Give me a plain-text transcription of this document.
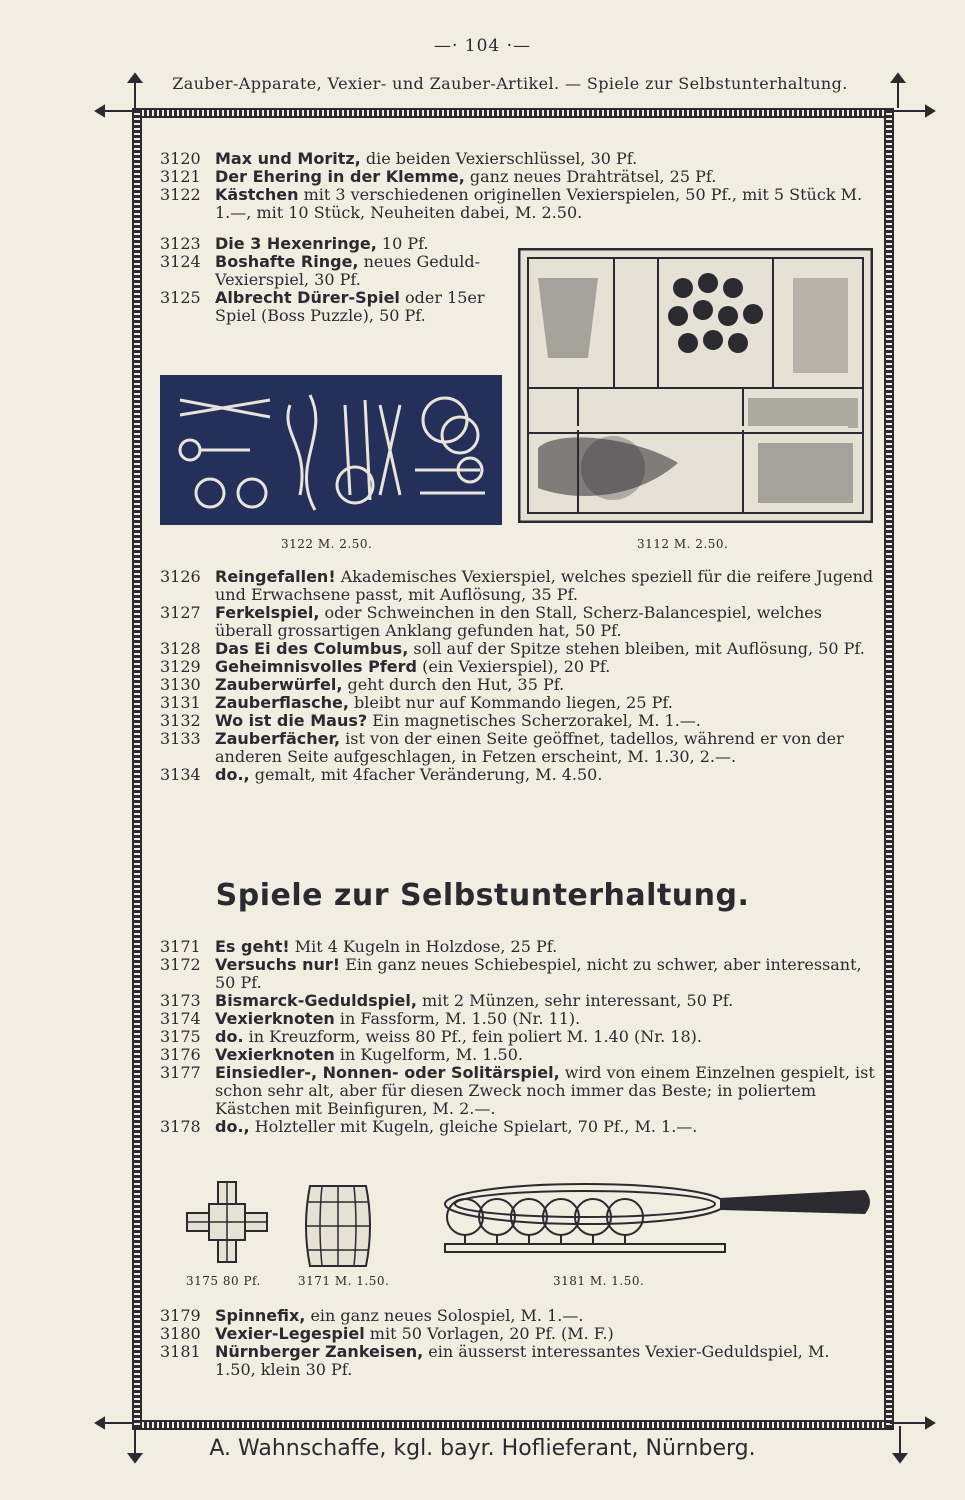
—· 104 ·—
Zauber-Apparate, Vexier- und Zauber-Artikel. — Spiele zur Selbstunterhaltung.
3120 Max und Moritz, die beiden Vexierschlüssel, 30 Pf.
3121 Der Ehering in der Klemme, ganz neues Drahträtsel, 25 Pf.
3122 Kästchen mit 3 verschiedenen originellen Vexierspielen, 50 Pf., mit 5 Stück M. 1.—, mit 10 Stück, Neuheiten dabei, M. 2.50.
3123 Die 3 Hexenringe, 10 Pf.
3124 Boshafte Ringe, neues Geduld-Vexierspiel, 30 Pf.
3125 Albrecht Dürer-Spiel oder 15er Spiel (Boss Puzzle), 50 Pf.
3122 M. 2.50.	3112 M. 2.50.
3126 Reingefallen! Akademisches Vexierspiel, welches speziell für die reifere Jugend und Erwachsene passt, mit Auflösung, 35 Pf.
3127 Ferkelspiel, oder Schweinchen in den Stall, Scherz-Balancespiel, welches überall grossartigen Anklang gefunden hat, 50 Pf.
3128 Das Ei des Columbus, soll auf der Spitze stehen bleiben, mit Auflösung, 50 Pf.
3129 Geheimnisvolles Pferd (ein Vexierspiel), 20 Pf.
3130 Zauberwürfel, geht durch den Hut, 35 Pf.
3131 Zauberflasche, bleibt nur auf Kommando liegen, 25 Pf.
3132 Wo ist die Maus? Ein magnetisches Scherzorakel, M. 1.—.
3133 Zauberfächer, ist von der einen Seite geöffnet, tadellos, während er von der anderen Seite aufgeschlagen, in Fetzen erscheint, M. 1.30, 2.—.
3134 do., gemalt, mit 4facher Veränderung, M. 4.50.
Spiele zur Selbstunterhaltung.
3171 Es geht! Mit 4 Kugeln in Holzdose, 25 Pf.
3172 Versuchs nur! Ein ganz neues Schiebespiel, nicht zu schwer, aber interessant, 50 Pf.
3173 Bismarck-Geduldspiel, mit 2 Münzen, sehr interessant, 50 Pf.
3174 Vexierknoten in Fassform, M. 1.50 (Nr. 11).
3175 do. in Kreuzform, weiss 80 Pf., fein poliert M. 1.40 (Nr. 18).
3176 Vexierknoten in Kugelform, M. 1.50.
3177 Einsiedler-, Nonnen- oder Solitärspiel, wird von einem Einzelnen gespielt, ist schon sehr alt, aber für diesen Zweck noch immer das Beste; in poliertem Kästchen mit Beinfiguren, M. 2.—.
3178 do., Holzteller mit Kugeln, gleiche Spielart, 70 Pf., M. 1.—.
3175 80 Pf.	3171 M. 1.50.	3181 M. 1.50.
3179 Spinnefix, ein ganz neues Solospiel, M. 1.—.
3180 Vexier-Legespiel mit 50 Vorlagen, 20 Pf. (M. F.)
3181 Nürnberger Zankeisen, ein äusserst interessantes Vexier-Geduldspiel, M. 1.50, klein 30 Pf.
A. Wahnschaffe, kgl. bayr. Hoflieferant, Nürnberg.
